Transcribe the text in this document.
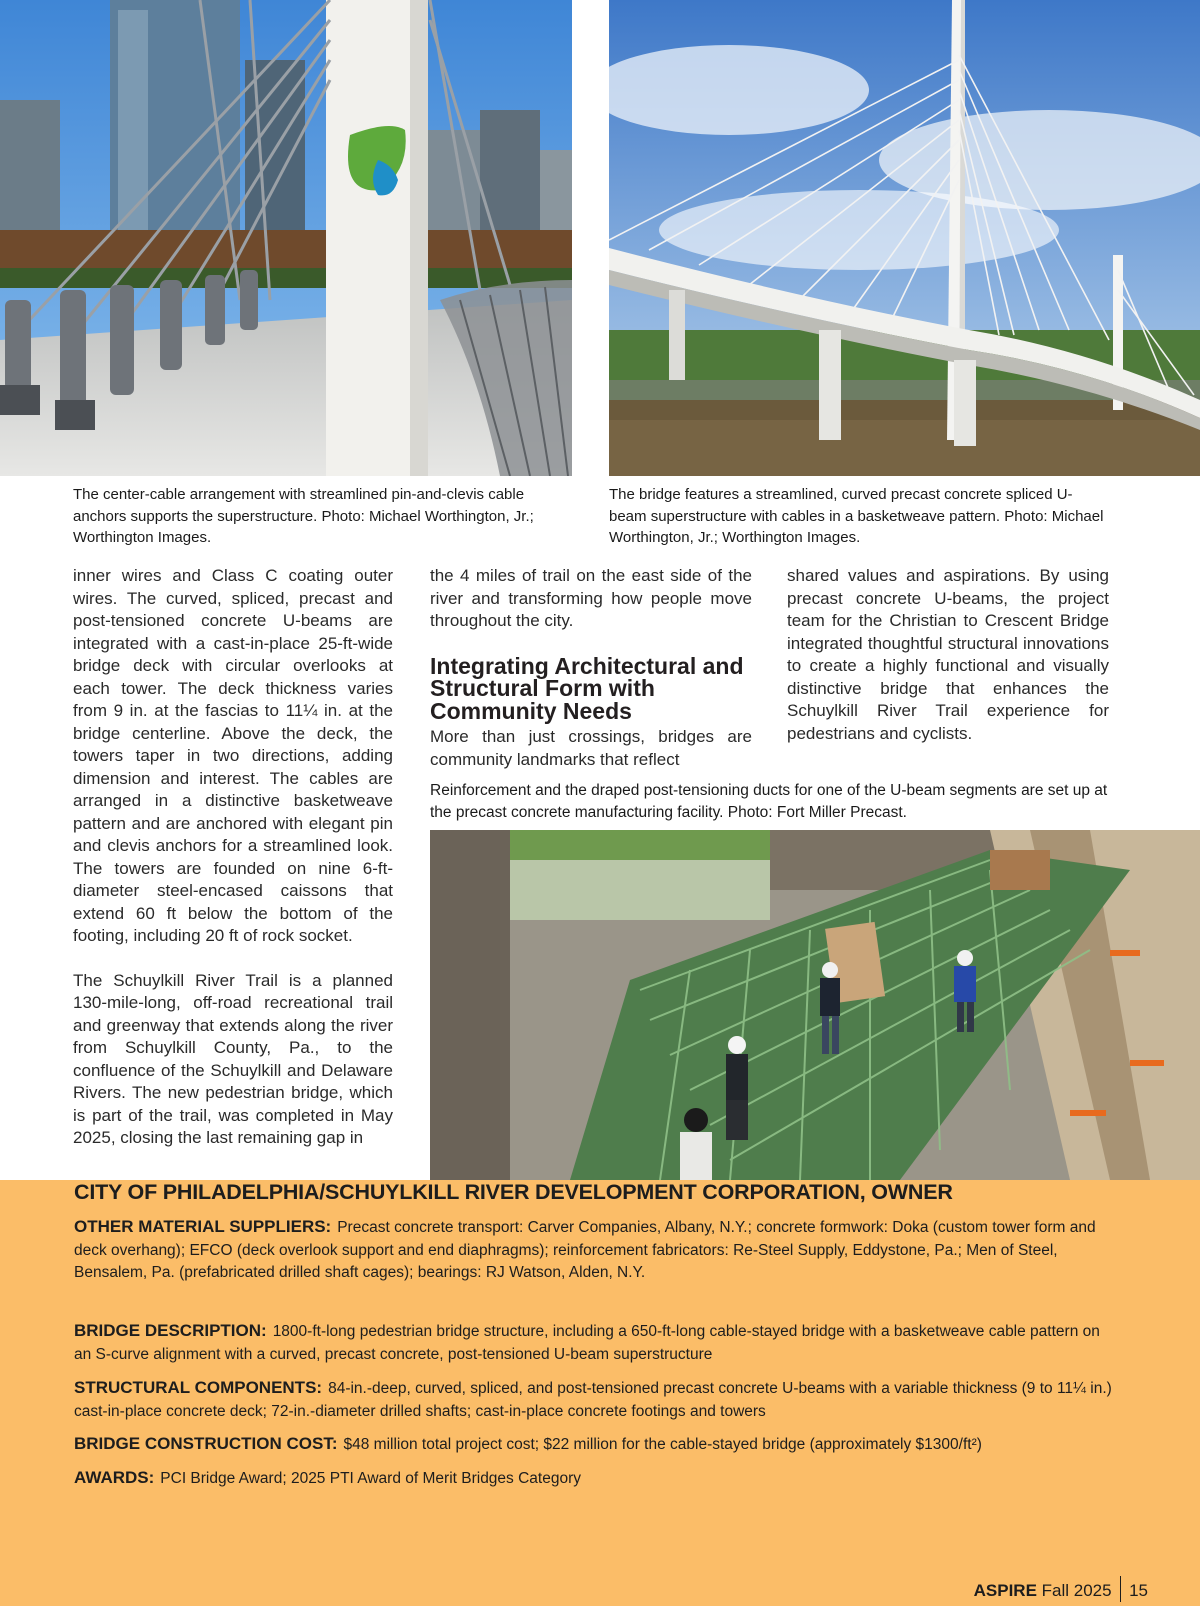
The center-cable arrangement with streamlined pin-and-clevis cable anchors supports the superstructure. Photo: Michael Worthington, Jr.; Worthington Images.
The bridge features a streamlined, curved precast concrete spliced U-beam superstructure with cables in a basketweave pattern. Photo: Michael Worthington, Jr.; Worthington Images.

inner wires and Class C coating outer wires. The curved, spliced, precast and post-tensioned concrete U-beams are integrated with a cast-in-place 25-ft-wide bridge deck with circular overlooks at each tower. The deck thickness varies from 9 in. at the fascias to 11¼ in. at the bridge centerline. Above the deck, the towers taper in two directions, adding dimension and interest. The cables are arranged in a distinctive basketweave pattern and are anchored with elegant pin and clevis anchors for a streamlined look. The towers are founded on nine 6-ft-diameter steel-encased caissons that extend 60 ft below the bottom of the footing, including 20 ft of rock socket.

The Schuylkill River Trail is a planned 130-mile-long, off-road recreational trail and greenway that extends along the river from Schuylkill County, Pa., to the confluence of the Schuylkill and Delaware Rivers. The new pedestrian bridge, which is part of the trail, was completed in May 2025, closing the last remaining gap in

the 4 miles of trail on the east side of the river and transforming how people move throughout the city.

Integrating Architectural and Structural Form with Community Needs

More than just crossings, bridges are community landmarks that reflect

shared values and aspirations. By using precast concrete U-beams, the project team for the Christian to Crescent Bridge integrated thoughtful structural innovations to create a highly functional and visually distinctive bridge that enhances the Schuylkill River Trail experience for pedestrians and cyclists.

Reinforcement and the draped post-tensioning ducts for one of the U-beam segments are set up at the precast concrete manufacturing facility. Photo: Fort Miller Precast.
CITY OF PHILADELPHIA/SCHUYLKILL RIVER DEVELOPMENT CORPORATION, OWNER
OTHER MATERIAL SUPPLIERS: Precast concrete transport: Carver Companies, Albany, N.Y.; concrete formwork: Doka (custom tower form and deck overhang); EFCO (deck overlook support and end diaphragms); reinforcement fabricators: Re-Steel Supply, Eddystone, Pa.; Men of Steel, Bensalem, Pa. (prefabricated drilled shaft cages); bearings: RJ Watson, Alden, N.Y.
BRIDGE DESCRIPTION: 1800-ft-long pedestrian bridge structure, including a 650-ft-long cable-stayed bridge with a basketweave cable pattern on an S-curve alignment with a curved, precast concrete, post-tensioned U-beam superstructure
STRUCTURAL COMPONENTS: 84-in.-deep, curved, spliced, and post-tensioned precast concrete U-beams with a variable thickness (9 to 11¼ in.) cast-in-place concrete deck; 72-in.-diameter drilled shafts; cast-in-place concrete footings and towers
BRIDGE CONSTRUCTION COST: $48 million total project cost; $22 million for the cable-stayed bridge (approximately $1300/ft²)
AWARDS: PCI Bridge Award; 2025 PTI Award of Merit Bridges Category
ASPIRE Fall 2025 15
